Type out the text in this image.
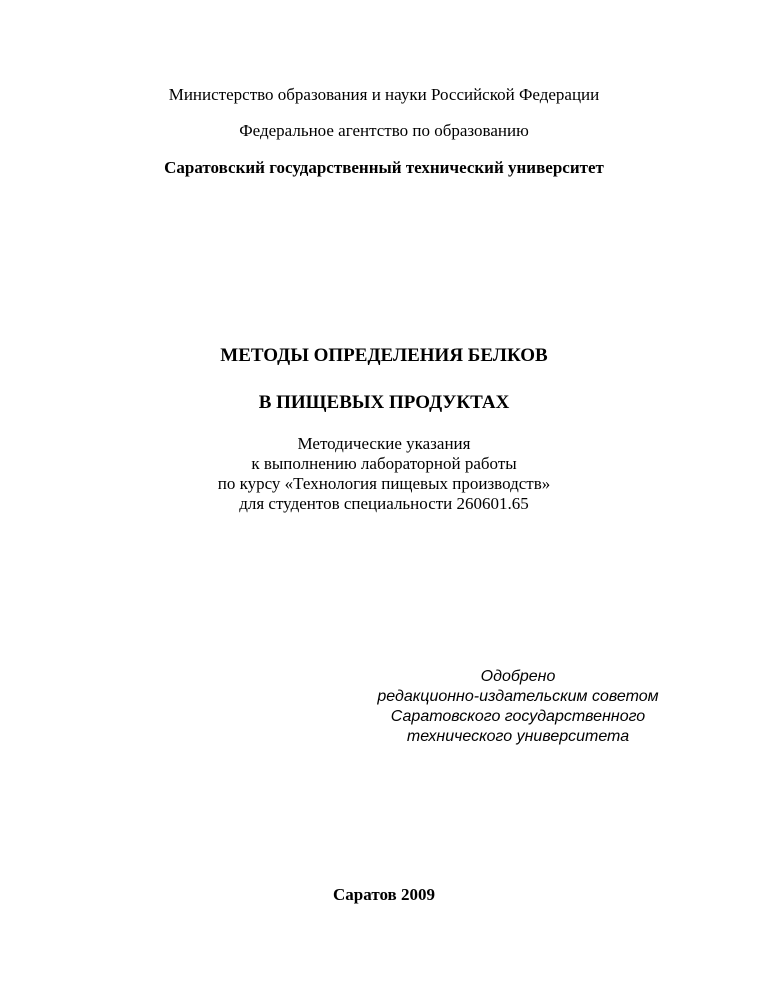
Министерство образования и науки Российской Федерации
Федеральное агентство по образованию
Саратовский государственный технический университет
МЕТОДЫ ОПРЕДЕЛЕНИЯ БЕЛКОВ
В ПИЩЕВЫХ ПРОДУКТАХ
Методические указания
к выполнению лабораторной работы
по курсу «Технология пищевых производств»
для студентов специальности 260601.65
Одобрено
редакционно-издательским советом
Саратовского государственного
технического университета
Саратов 2009
